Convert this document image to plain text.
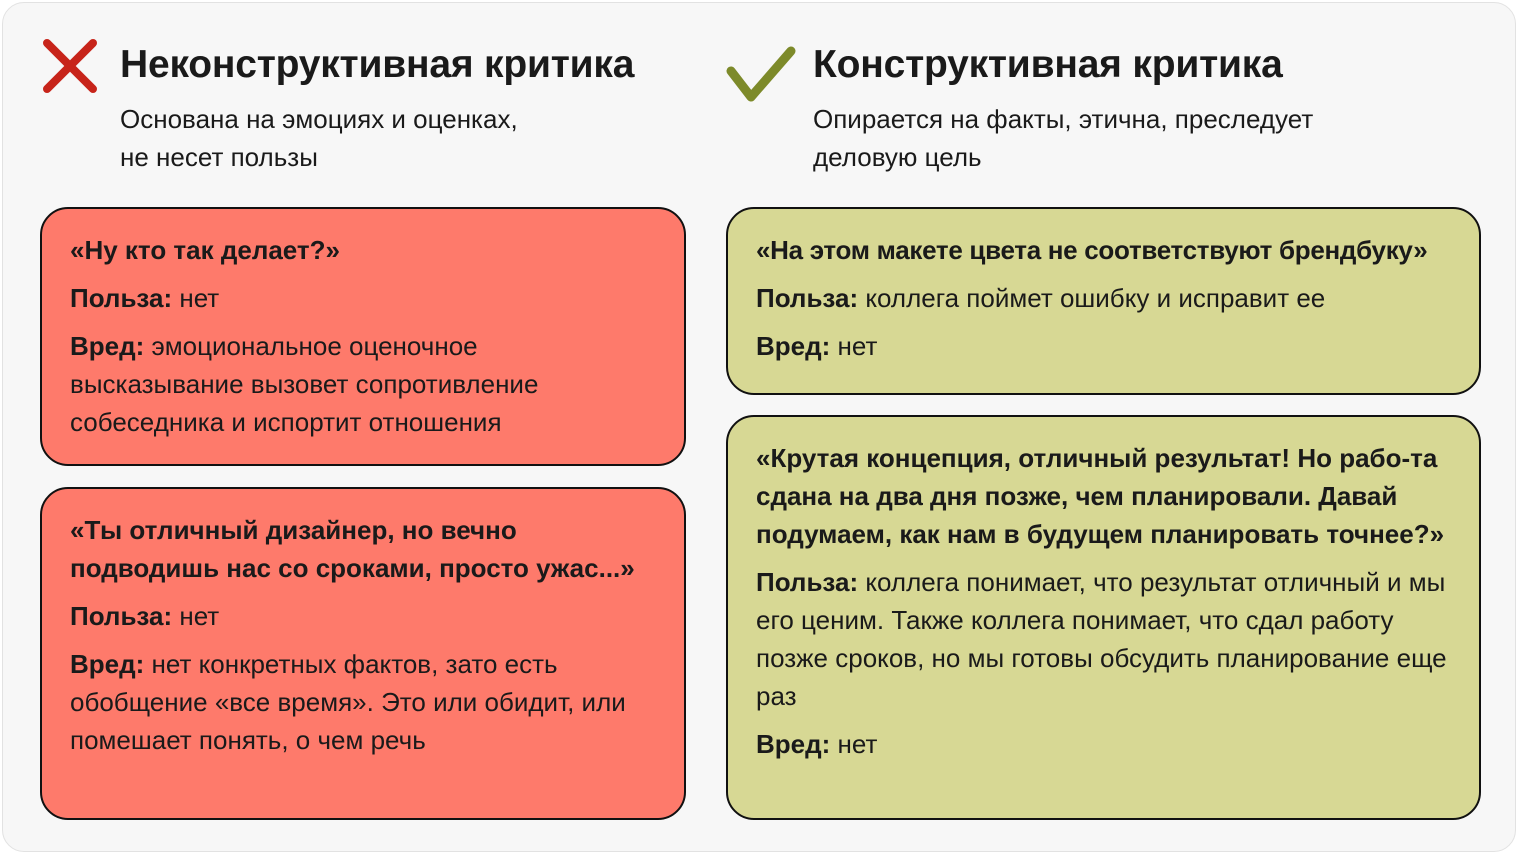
Неконструктивная критика

Основана на эмоциях и оценках,
не несет пользы

Конструктивная критика

Опирается на факты, этична, преследует
деловую цель

«Ну кто так делает?»

Польза: нет

Вред: эмоциональное оценочное высказывание вызовет сопротивление собеседника и испортит отношения

«Ты отличный дизайнер, но вечно подводишь нас со сроками, просто ужас...»

Польза: нет

Вред: нет конкретных фактов, зато есть обобщение «все время». Это или обидит, или помешает понять, о чем речь

«На этом макете цвета не соответствуют брендбуку»

Польза: коллега поймет ошибку и исправит ее

Вред: нет

«Крутая концепция, отличный результат! Но рабо-та сдана на два дня позже, чем планировали. Давай подумаем, как нам в будущем планировать точнее?»

Польза: коллега понимает, что результат отличный и мы его ценим. Также коллега понимает, что сдал работу позже сроков, но мы готовы обсудить планирование еще раз

Вред: нет
